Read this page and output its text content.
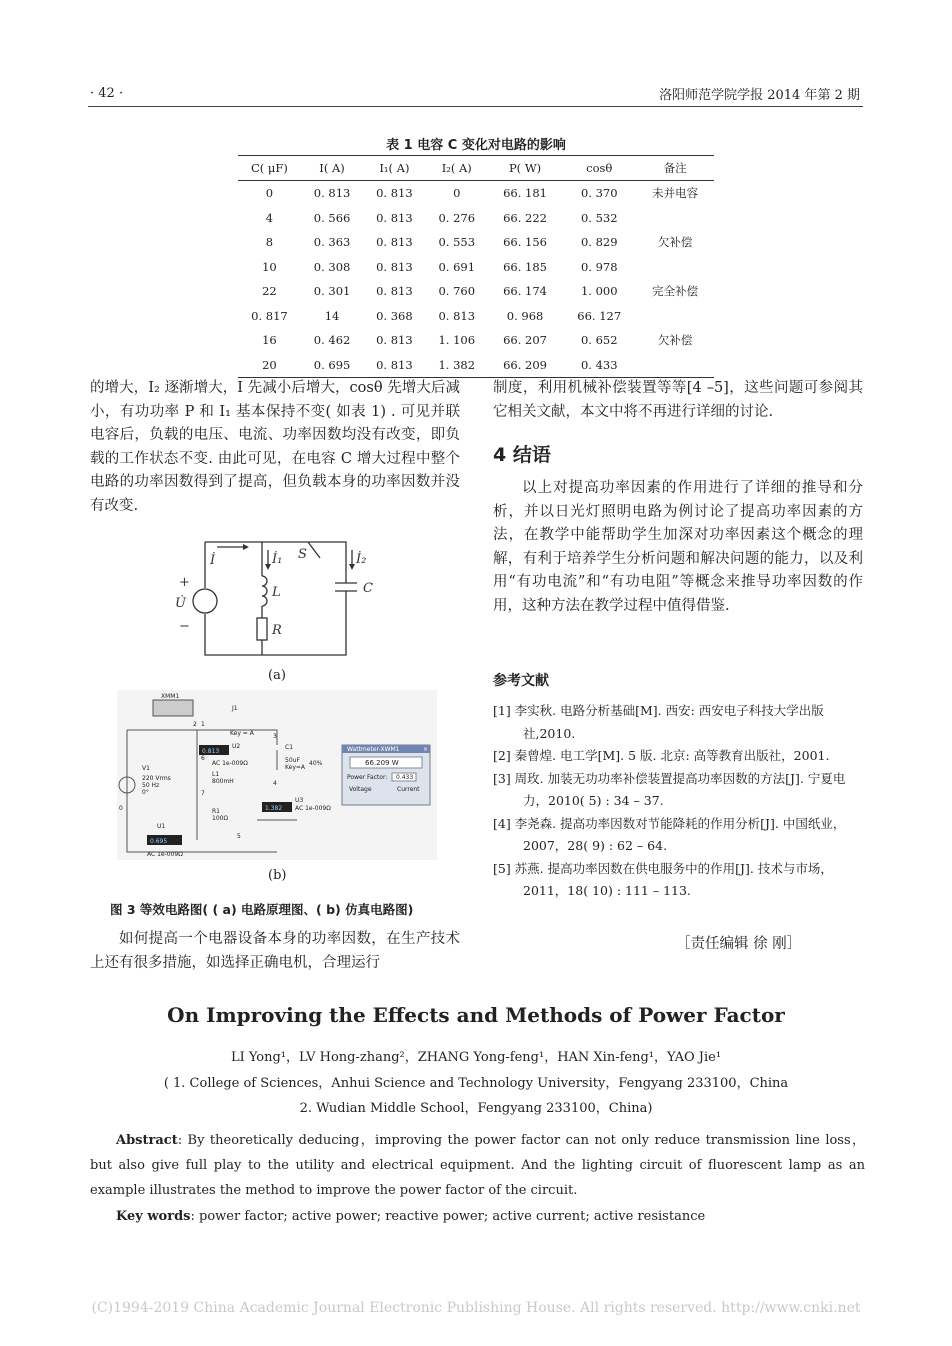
· 42 ·	洛阳师范学院学报 2014 年第 2 期
表 1 电容 C 变化对电路的影响
C( μF)	I( A)	I₁( A)	I₂( A)	P( W)	cosθ	备注
0	0. 813	0. 813	0	66. 181	0. 370	未并电容
4	0. 566	0. 813	0. 276	66. 222	0. 532	
8	0. 363	0. 813	0. 553	66. 156	0. 829	欠补偿
10	0. 308	0. 813	0. 691	66. 185	0. 978	
22	0. 301	0. 813	0. 760	66. 174	1. 000	完全补偿
0. 817	14	0. 368	0. 813	0. 968	66. 127	
16	0. 462	0. 813	1. 106	66. 207	0. 652	欠补偿
20	0. 695	0. 813	1. 382	66. 209	0. 433	
的增大，I₂ 逐渐增大，I 先减小后增大，cosθ 先增大后减小，有功功率 P 和 I₁ 基本保持不变( 如表 1) . 可见并联电容后，负载的电压、电流、功率因数均没有改变，即负载的工作状态不变. 由此可见，在电容 C 增大过程中整个电路的功率因数得到了提高，但负载本身的功率因数并没有改变.
İ	İ₁ S	İ₂
L	C
R
U̇
+
−
(a)
XMM1
J1
Key = A
V1
220 Vrms
50 Hz
0°
0.813
U2
AC 1e-009Ω
L1
800mH
R1
100Ω
C1
50uF
Key=A
40%
1.382
U3
AC 1e-009Ω
U1
0.695
AC 1e-009Ω
1
2
3
4
5
6
7
0
Wattmeter-XWM1	×
66.209 W
Power Factor: 0.433
Voltage	Current
(b)
图 3 等效电路图( ( a) 电路原理图、( b) 仿真电路图)
如何提高一个电器设备本身的功率因数，在生产技术上还有很多措施，如选择正确电机，合理运行
制度，利用机械补偿装置等等[4 –5]，这些问题可参阅其它相关文献，本文中将不再进行详细的讨论.
4 结语
以上对提高功率因素的作用进行了详细的推导和分析，并以日光灯照明电路为例讨论了提高功率因素的方法，在教学中能帮助学生加深对功率因素这个概念的理解，有利于培养学生分析问题和解决问题的能力，以及利用“有功电流”和“有功电阻”等概念来推导功率因数的作用，这种方法在教学过程中值得借鉴.
参考文献
[1] 李实秋. 电路分析基础[M]. 西安: 西安电子科技大学出版社,2010.
[2] 秦曾煌. 电工学[M]. 5 版. 北京: 高等教育出版社，2001.
[3] 周玫. 加装无功功率补偿装置提高功率因数的方法[J]. 宁夏电力，2010( 5) : 34 – 37.
[4] 李尧森. 提高功率因数对节能降耗的作用分析[J]. 中国纸业，2007，28( 9) : 62 – 64.
[5] 苏燕. 提高功率因数在供电服务中的作用[J]. 技术与市场，2011，18( 10) : 111 – 113.
［责任编辑 徐 刚］
On Improving the Effects and Methods of Power Factor
LI Yong¹，LV Hong-zhang²，ZHANG Yong-feng¹，HAN Xin-feng¹，YAO Jie¹
( 1. College of Sciences，Anhui Science and Technology University，Fengyang 233100，China
2. Wudian Middle School，Fengyang 233100，China)
Abstract: By theoretically deducing，improving the power factor can not only reduce transmission line loss，but also give full play to the utility and electrical equipment. And the lighting circuit of fluorescent lamp as an example illustrates the method to improve the power factor of the circuit.
Key words: power factor; active power; reactive power; active current; active resistance
(C)1994-2019 China Academic Journal Electronic Publishing House. All rights reserved. http://www.cnki.net
